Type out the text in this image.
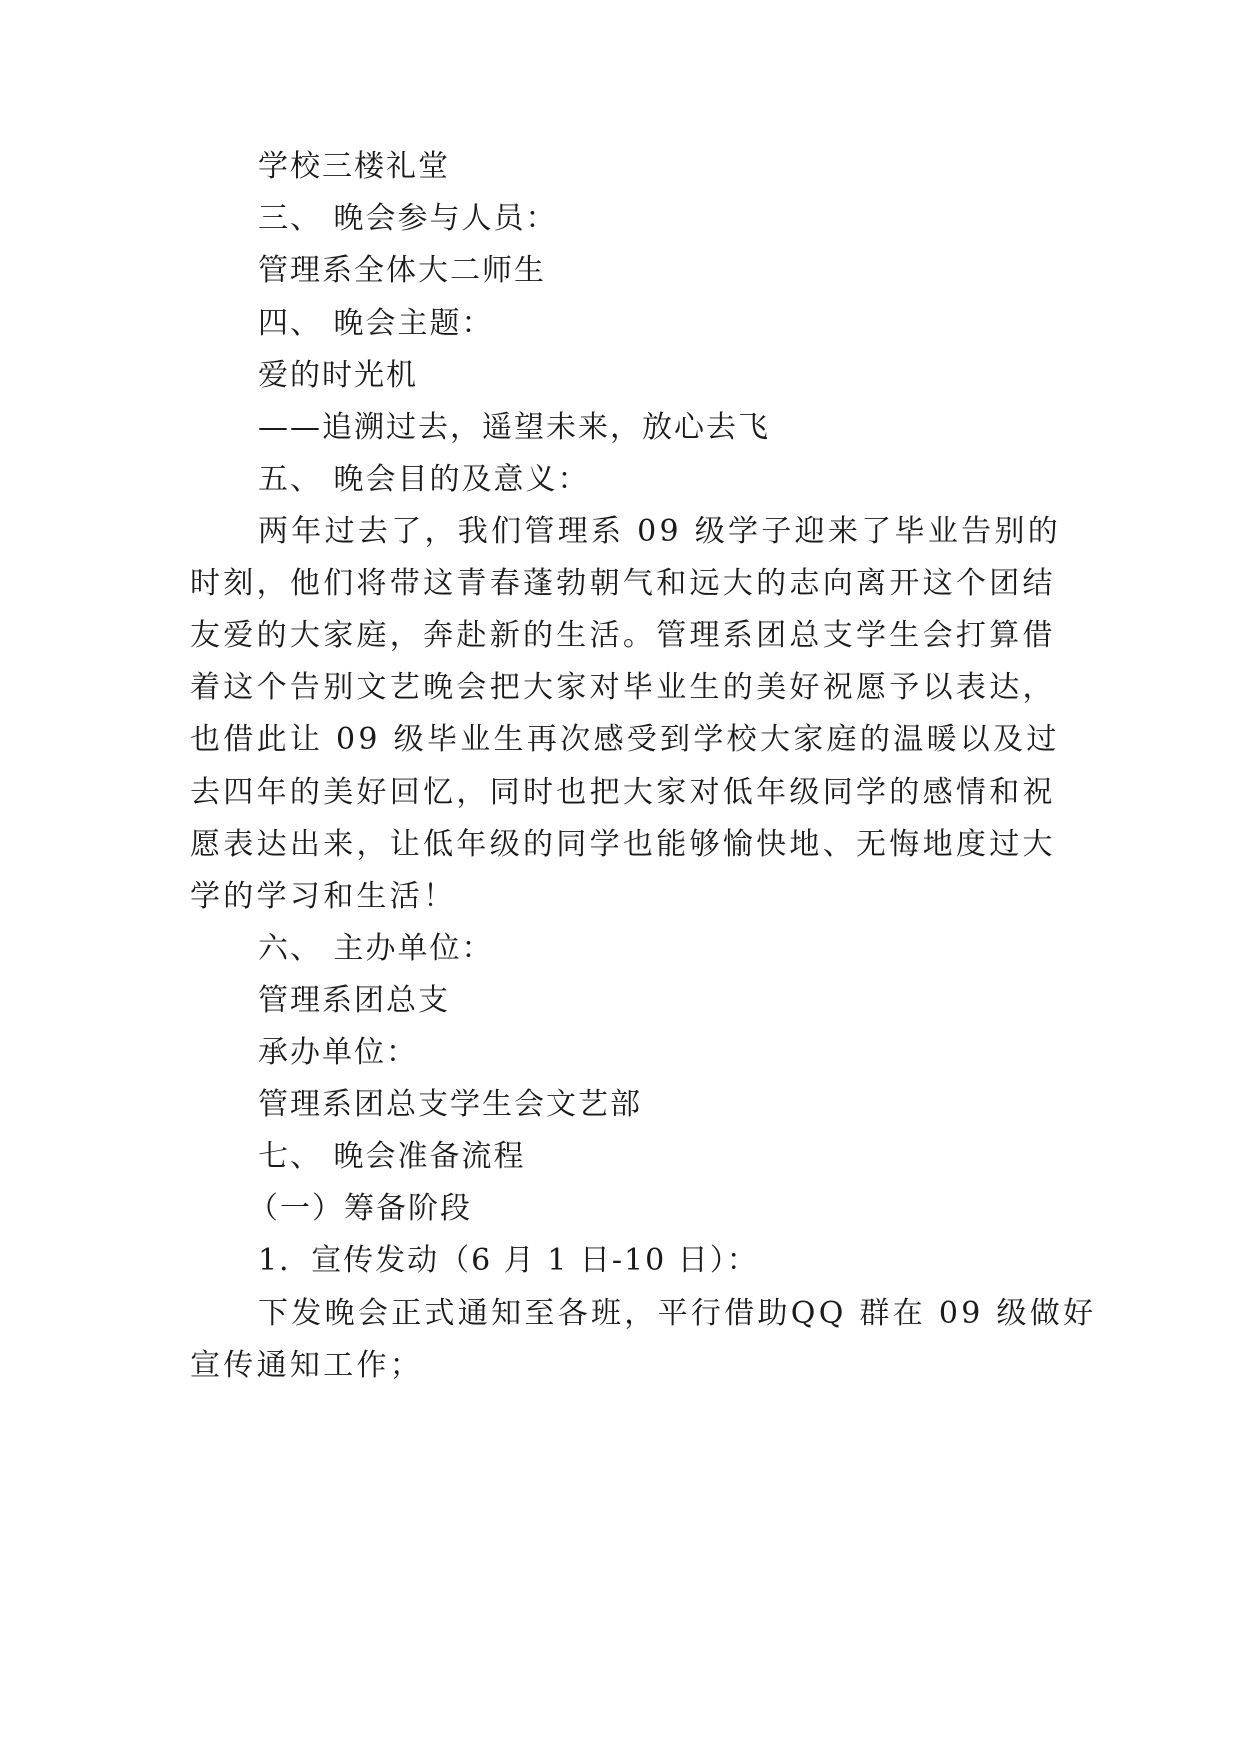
学校三楼礼堂
三、 晚会参与人员：
管理系全体大二师生
四、 晚会主题：
爱的时光机
——追溯过去，遥望未来，放心去飞
五、 晚会目的及意义：
两年过去了，我们管理系 09 级学子迎来了毕业告别的
时刻，他们将带这青春蓬勃朝气和远大的志向离开这个团结
友爱的大家庭，奔赴新的生活。管理系团总支学生会打算借
着这个告别文艺晚会把大家对毕业生的美好祝愿予以表达，
也借此让 09 级毕业生再次感受到学校大家庭的温暖以及过
去四年的美好回忆，同时也把大家对低年级同学的感情和祝
愿表达出来，让低年级的同学也能够愉快地、无悔地度过大
学的学习和生活！
六、 主办单位：
管理系团总支
承办单位：
管理系团总支学生会文艺部
七、 晚会准备流程
（一）筹备阶段
1．宣传发动（6 月 1 日-10 日）：
下发晚会正式通知至各班，平行借助QQ 群在 09 级做好
宣传通知工作；
